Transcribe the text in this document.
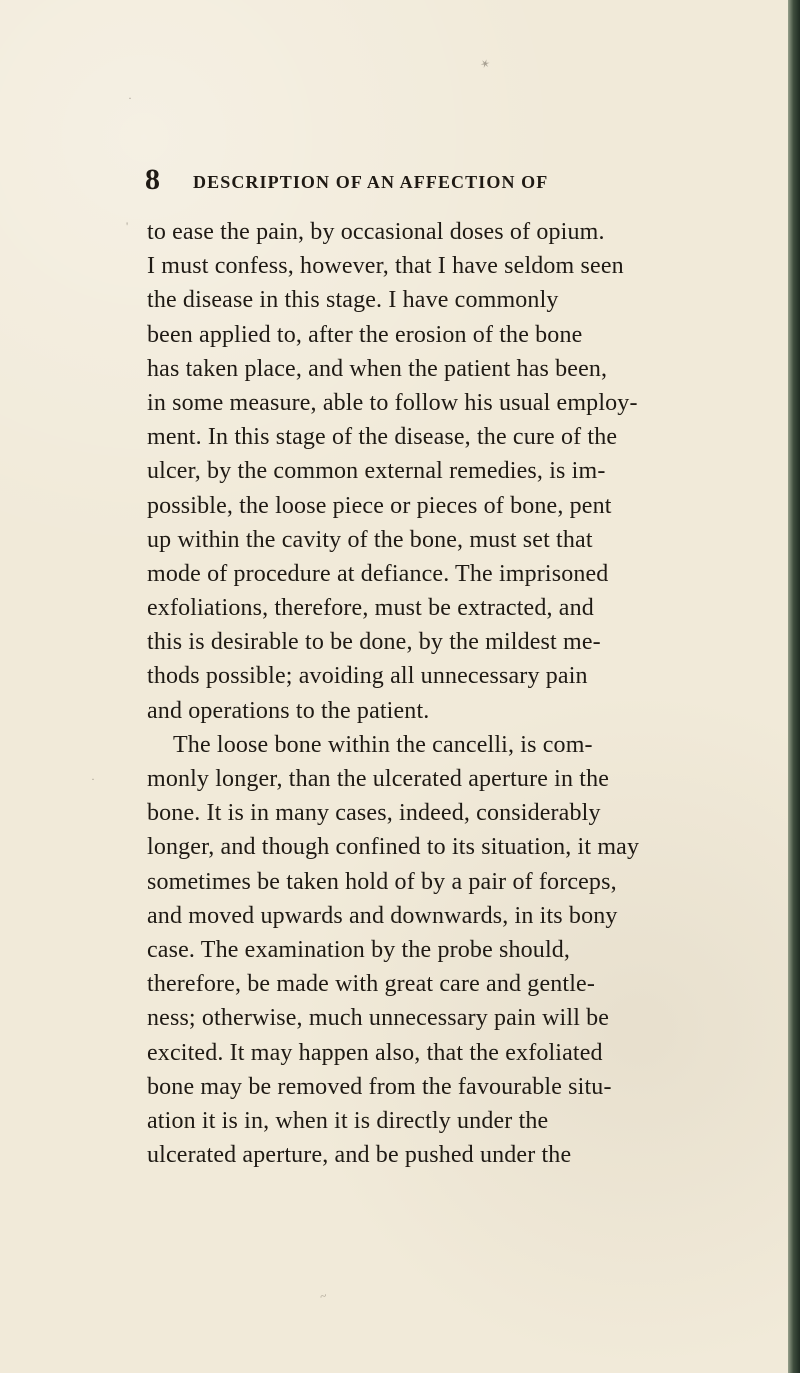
✶
·
'
·
~
8 DESCRIPTION OF AN AFFECTION OF
to ease the pain, by occasional doses of opium.
I must confess, however, that I have seldom seen
the disease in this stage. I have commonly
been applied to, after the erosion of the bone
has taken place, and when the patient has been,
in some measure, able to follow his usual employ-
ment. In this stage of the disease, the cure of the
ulcer, by the common external remedies, is im-
possible, the loose piece or pieces of bone, pent
up within the cavity of the bone, must set that
mode of procedure at defiance. The imprisoned
exfoliations, therefore, must be extracted, and
this is desirable to be done, by the mildest me-
thods possible; avoiding all unnecessary pain
and operations to the patient.
The loose bone within the cancelli, is com-
monly longer, than the ulcerated aperture in the
bone. It is in many cases, indeed, considerably
longer, and though confined to its situation, it may
sometimes be taken hold of by a pair of forceps,
and moved upwards and downwards, in its bony
case. The examination by the probe should,
therefore, be made with great care and gentle-
ness; otherwise, much unnecessary pain will be
excited. It may happen also, that the exfoliated
bone may be removed from the favourable situ-
ation it is in, when it is directly under the
ulcerated aperture, and be pushed under the
